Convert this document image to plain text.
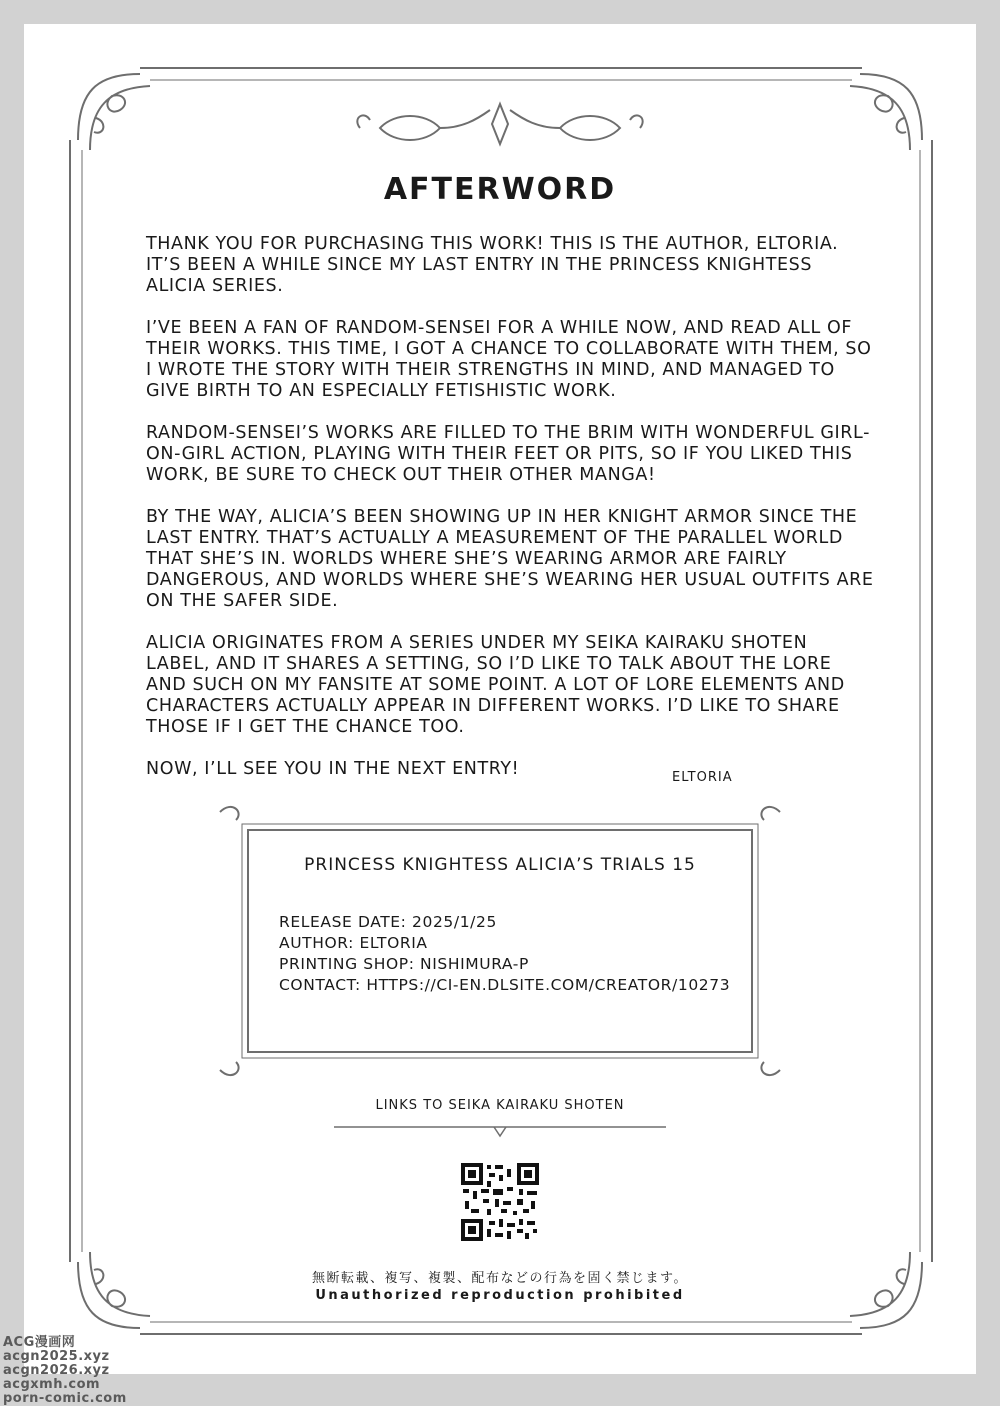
AFTERWORD

THANK YOU FOR PURCHASING THIS WORK! THIS IS THE AUTHOR, ELTORIA. IT’S BEEN A WHILE SINCE MY LAST ENTRY IN THE PRINCESS KNIGHTESS ALICIA SERIES.

I’VE BEEN A FAN OF RANDOM-SENSEI FOR A WHILE NOW, AND READ ALL OF THEIR WORKS. THIS TIME, I GOT A CHANCE TO COLLABORATE WITH THEM, SO I WROTE THE STORY WITH THEIR STRENGTHS IN MIND, AND MANAGED TO GIVE BIRTH TO AN ESPECIALLY FETISHISTIC WORK.

RANDOM-SENSEI’S WORKS ARE FILLED TO THE BRIM WITH WONDERFUL GIRL-ON-GIRL ACTION, PLAYING WITH THEIR FEET OR PITS, SO IF YOU LIKED THIS WORK, BE SURE TO CHECK OUT THEIR OTHER MANGA!

BY THE WAY, ALICIA’S BEEN SHOWING UP IN HER KNIGHT ARMOR SINCE THE LAST ENTRY. THAT’S ACTUALLY A MEASUREMENT OF THE PARALLEL WORLD THAT SHE’S IN. WORLDS WHERE SHE’S WEARING ARMOR ARE FAIRLY DANGEROUS, AND WORLDS WHERE SHE’S WEARING HER USUAL OUTFITS ARE ON THE SAFER SIDE.

ALICIA ORIGINATES FROM A SERIES UNDER MY SEIKA KAIRAKU SHOTEN LABEL, AND IT SHARES A SETTING, SO I’D LIKE TO TALK ABOUT THE LORE AND SUCH ON MY FANSITE AT SOME POINT. A LOT OF LORE ELEMENTS AND CHARACTERS ACTUALLY APPEAR IN DIFFERENT WORKS. I’D LIKE TO SHARE THOSE IF I GET THE CHANCE TOO.

NOW, I’LL SEE YOU IN THE NEXT ENTRY!	ELTORIA
PRINCESS KNIGHTESS ALICIA’S TRIALS 15
RELEASE DATE: 2025/1/25
AUTHOR: ELTORIA
PRINTING SHOP: NISHIMURA-P
CONTACT: HTTPS://CI-EN.DLSITE.COM/CREATOR/10273
LINKS TO SEIKA KAIRAKU SHOTEN
無断転載、複写、複製、配布などの行為を固く禁じます。
Unauthorized reproduction prohibited
ACG漫画网
acgn2025.xyz
acgn2026.xyz
acgxmh.com
porn-comic.com
